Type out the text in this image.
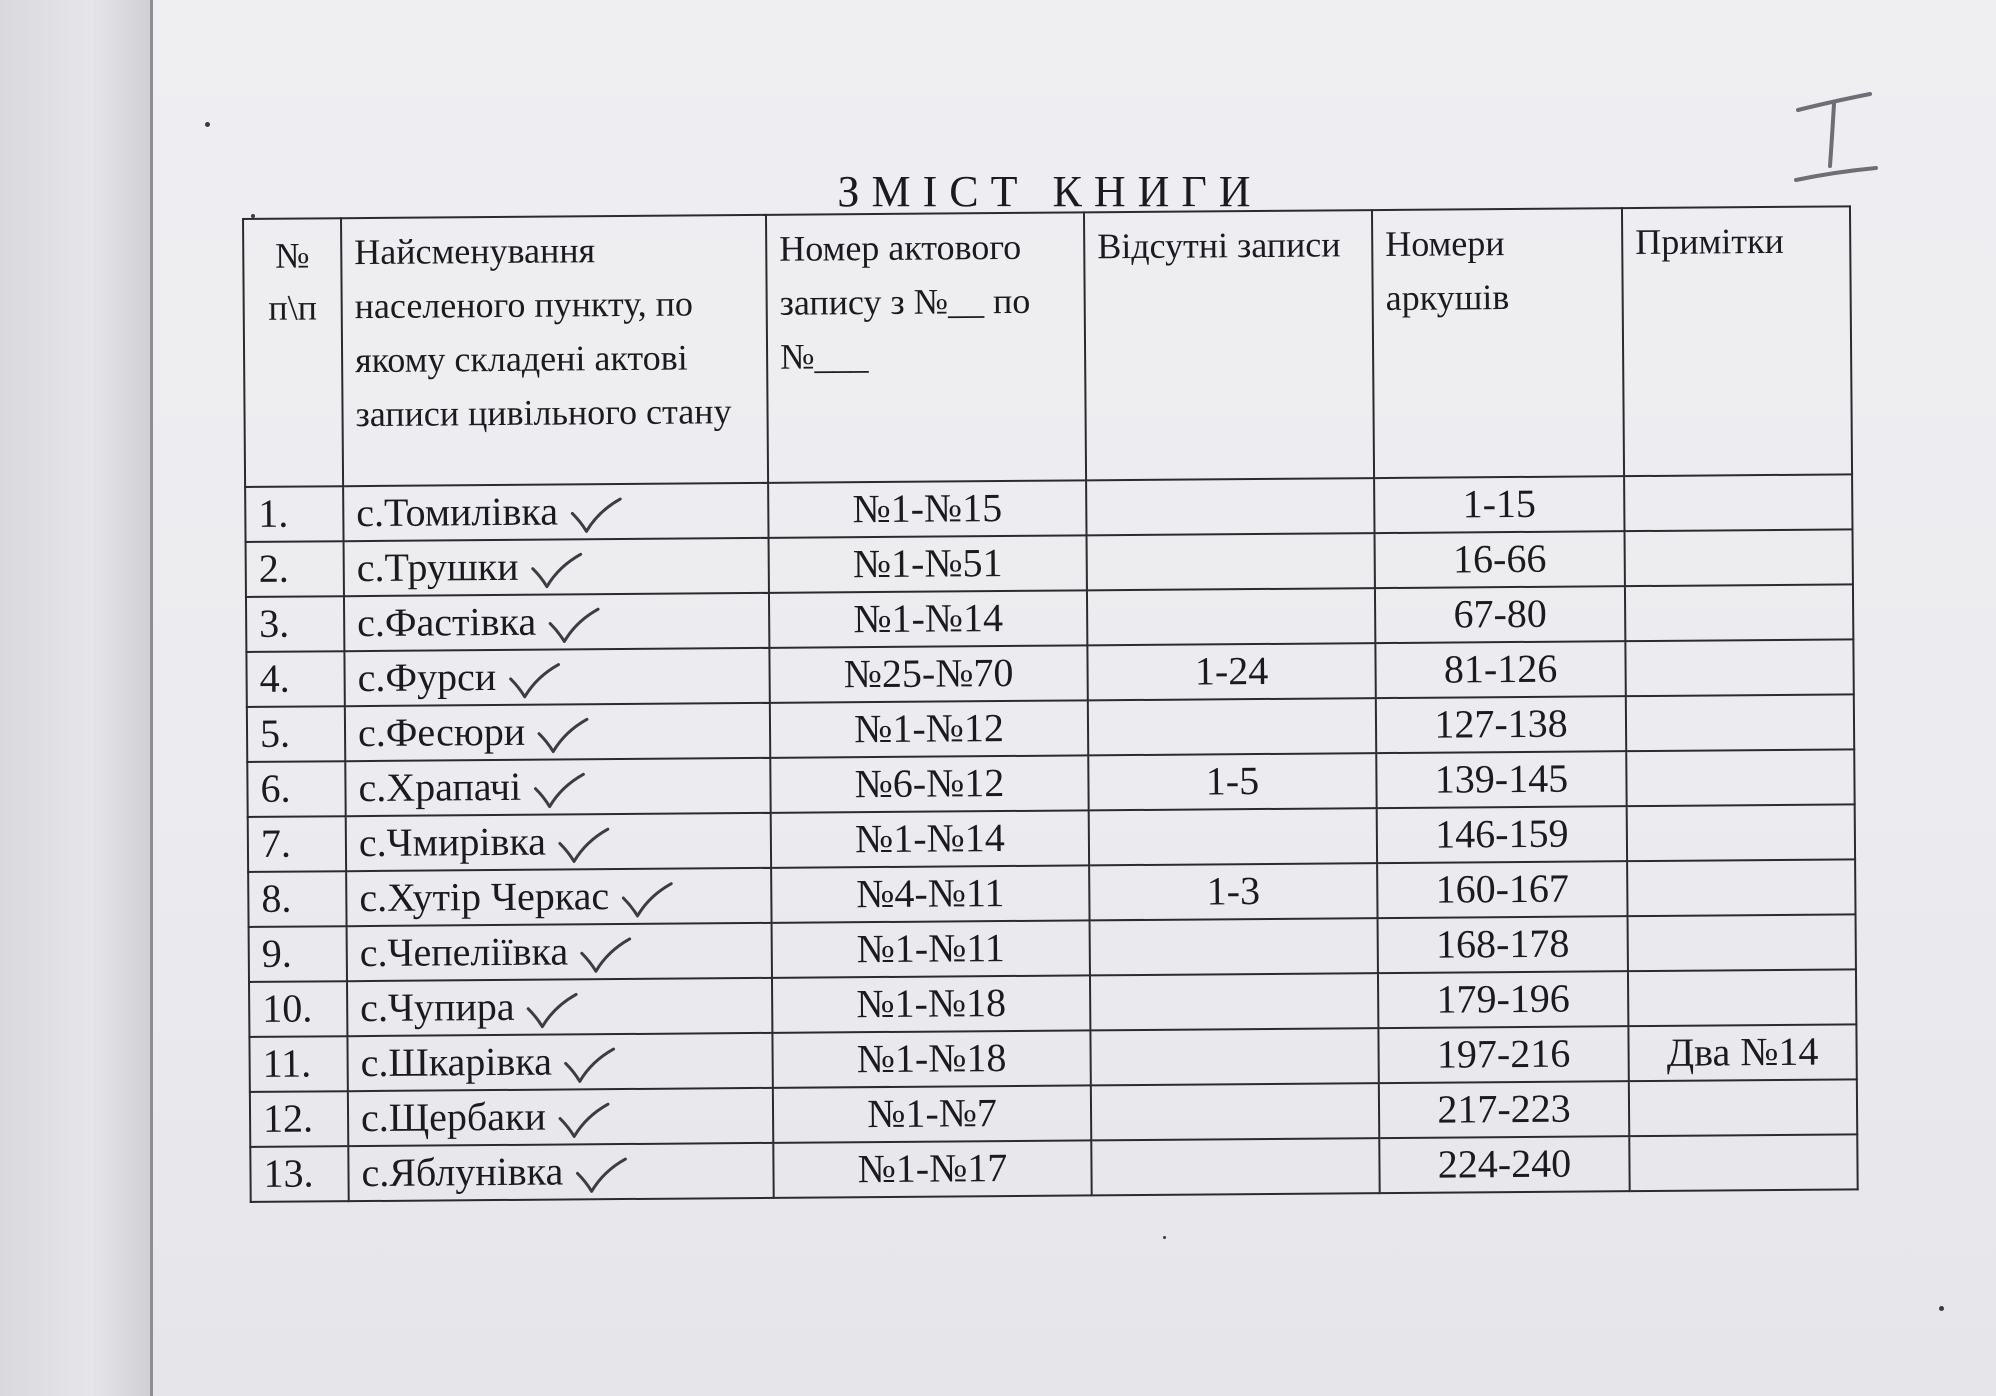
ЗМІСТ КНИГИ
№ п\п	Найсменування населеного пункту, по якому складені актові записи цивільного стану	Номер актового запису з №__ по №___	Відсутні записи	Номери аркушів	Примітки
1.	с.Томилівка	№1-№15		1-15	
2.	с.Трушки	№1-№51		16-66	
3.	с.Фастівка	№1-№14		67-80	
4.	с.Фурси	№25-№70	1-24	81-126	
5.	с.Фесюри	№1-№12		127-138	
6.	с.Храпачі	№6-№12	1-5	139-145	
7.	с.Чмирівка	№1-№14		146-159	
8.	с.Хутір Черкас	№4-№11	1-3	160-167	
9.	с.Чепеліївка	№1-№11		168-178	
10.	с.Чупира	№1-№18		179-196	
11.	с.Шкарівка	№1-№18		197-216	Два №14
12.	с.Щербаки	№1-№7		217-223	
13.	с.Яблунівка	№1-№17		224-240	
